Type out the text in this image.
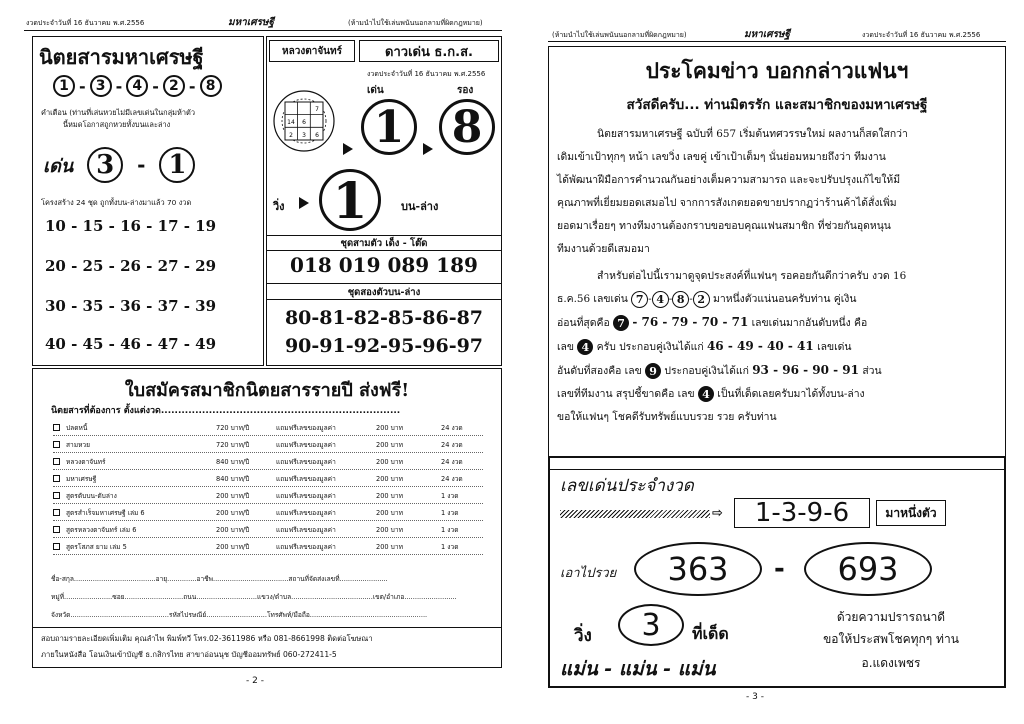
งวดประจำวันที่ 16 ธันวาคม พ.ศ.2556	มหาเศรษฐี	(ห้ามนำไปใช้เล่นพนันนอกลามที่ผิดกฎหมาย)
นิตยสารมหาเศรษฐี
1 - 3 - 4 - 2 - 8
คำเตือน (ท่านที่เล่นหวยไม่มีเลขเด่นในกลุ่มห้าตัว
นี้หมดโอกาสถูกหวยทั้งบนและล่าง
เด่น 3	- 1
โครงสร้าง 24 ชุด ถูกทั้งบน-ล่างมาแล้ว 70 งวด
10 - 15 - 16 - 17 - 19
20 - 25 - 26 - 27 - 29
30 - 35 - 36 - 37 - 39
40 - 45 - 46 - 47 - 49
หลวงตาจันทร์	ดาวเด่น ธ.ก.ส.
งวดประจำวันที่ 16 ธันวาคม พ.ศ.2556
14 6
2 3 6
7
เด่น	รอง
1 8
วิ่ง 1	บน-ล่าง
ชุดสามตัว เด็ง - โต๊ด
018 019 089 189
ชุดสองตัวบน-ล่าง
80-81-82-85-86-87
90-91-92-95-96-97
ใบสมัครสมาชิกนิตยสารรายปี ส่งฟรี!
นิตยสารที่ต้องการ ตั้งแต่งวด......................................................................
ปลดหนี้	720 บาท/ปี	แถมฟรีเลขของมูลค่า	200 บาท	24 งวด
สามหวย	720 บาท/ปี	แถมฟรีเลขของมูลค่า	200 บาท	24 งวด
หลวงตาจันทร์	840 บาท/ปี	แถมฟรีเลขของมูลค่า	200 บาท	24 งวด
มหาเศรษฐี	840 บาท/ปี	แถมฟรีเลขของมูลค่า	200 บาท	24 งวด
สูตรตับบน-ตับล่าง	200 บาท/ปี	แถมฟรีเลขของมูลค่า	200 บาท	1 งวด
สูตรสำเร็จมหาเศรษฐี เล่ม 6	200 บาท/ปี	แถมฟรีเลขของมูลค่า	200 บาท	1 งวด
สูตรหลวงตาจันทร์ เล่ม 6	200 บาท/ปี	แถมฟรีเลขของมูลค่า	200 บาท	1 งวด
สูตรโสภส ยาม เล่ม 5	200 บาท/ปี	แถมฟรีเลขของมูลค่า	200 บาท	1 งวด
ชื่อ-สกุล.......................................อายุ..............อาชีพ....................................สถานที่จัดส่งเลขที่.......................
หมู่ที่.......................ซอย............................ถนน.............................แขวง/ตำบล.......................................เขต/อำเภอ.........................
จังหวัด...............................................รหัสไปรษณีย์.............................โทรศัพท์/มือถือ........................................................
สอบถามรายละเอียดเพิ่มเติม คุณลำไพ พิมพ์ทวี โทร.02-3611986 หรือ 081-8661998 ติดต่อโฆษณา
ภายในหนังสือ โอนเงินเข้าบัญชี ธ.กสิกรไทย สาขาอ่อนนุช บัญชีออมทรัพย์ 060-272411-5
- 2 -
(ห้ามนำไปใช้เล่นพนันนอกลามที่ผิดกฎหมาย)	มหาเศรษฐี	งวดประจำวันที่ 16 ธันวาคม พ.ศ.2556
ประโคมข่าว บอกกล่าวแฟนฯ
สวัสดีครับ... ท่านมิตรรัก และสมาชิกของมหาเศรษฐี
นิตยสารมหาเศรษฐี ฉบับที่ 657 เริ่มต้นทศวรรษใหม่ ผลงานก็สดใสกว่า
เดิมเข้าเป้าทุกๆ หน้า เลขวิ่ง เลขคู่ เข้าเป้าเต็มๆ นั่นย่อมหมายถึงว่า ทีมงาน
ได้พัฒนาฝีมือการคำนวณกันอย่างเต็มความสามารถ และจะปรับปรุงแก้ไขให้มี
คุณภาพที่เยี่ยมยอดเสมอไป จากการสังเกตยอดขายปรากฏว่าร้านค้าได้สั่งเพิ่ม
ยอดมาเรื่อยๆ ทางทีมงานต้องกราบขอขอบคุณแฟนสมาชิก ที่ช่วยกันอุดหนุน
ทีมงานด้วยดีเสมอมา
สำหรับต่อไปนี้เรามาดูจุดประสงค์ที่แฟนๆ รอคอยกันดีกว่าครับ งวด 16
ธ.ค.56 เลขเด่น 7 - 4 - 8 - 2 มาหนึ่งตัวแน่นอนครับท่าน คู่เงิน
อ่อนที่สุดคือ 7 - 76 - 79 - 70 - 71 เลขเด่นมากอันดับหนึ่ง คือ
เลข 4 ครับ ประกอบคู่เงินได้แก่ 46 - 49 - 40 - 41 เลขเด่น
อันดับที่สองคือ เลข 9 ประกอบคู่เงินได้แก่ 93 - 96 - 90 - 91 ส่วน
เลขที่ทีมงาน สรุปชี้ขาดคือ เลข 4 เป็นที่เด็ดเลยครับมาได้ทั้งบน-ล่าง
ขอให้แฟนๆ โชคดีรับทรัพย์แบบรวย รวย ครับท่าน
เลขเด่นประจำงวด
⇨	1-3-9-6	มาหนึ่งตัว
เอาไปรวย	363	-	693
วิ่ง	3	ที่เด็ด
แม่น - แม่น - แม่น
ด้วยความปรารถนาดี
ขอให้ประสพโชคทุกๆ ท่าน
อ.แดงเพชร
- 3 -
